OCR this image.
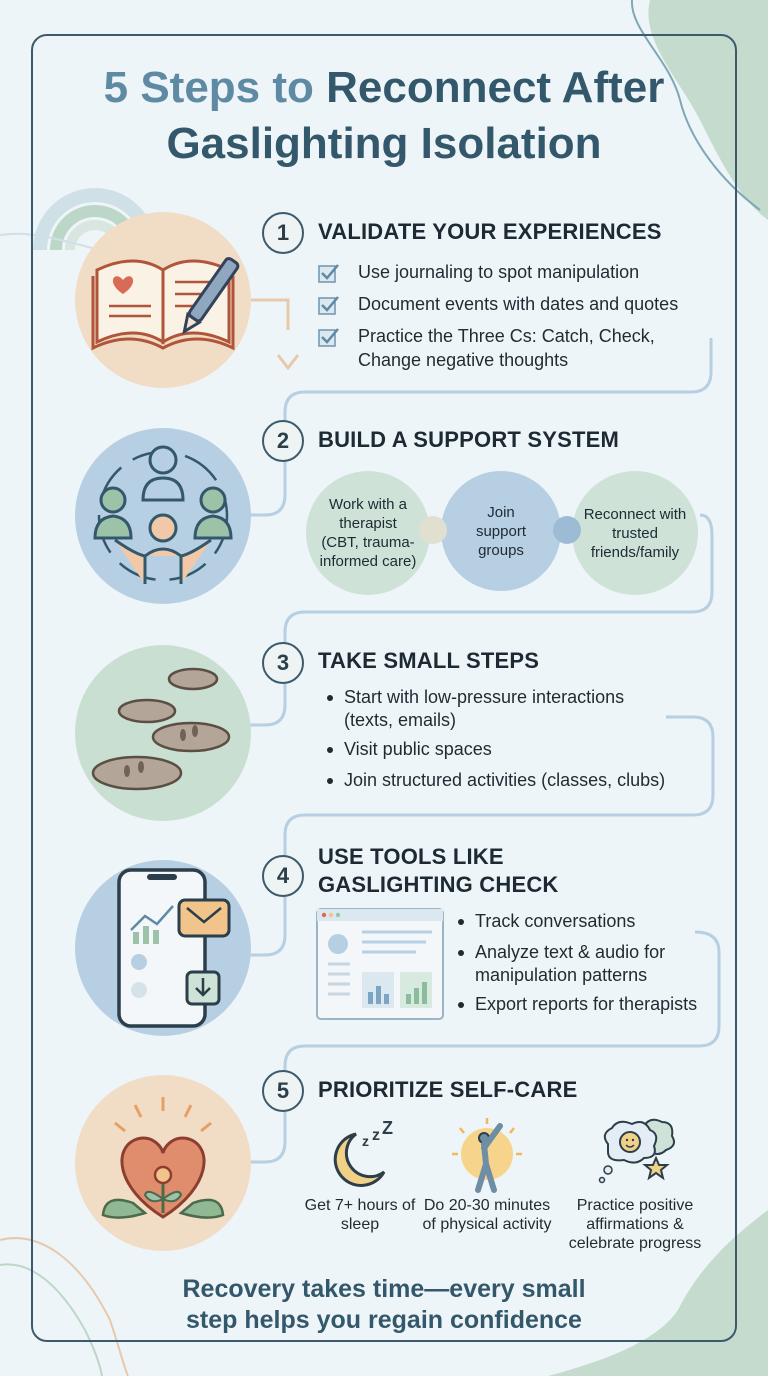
5 Steps to Reconnect After
Gaslighting Isolation
1	VALIDATE YOUR EXPERIENCES
Use journaling to spot manipulation
Document events with dates and quotes
Practice the Three Cs: Catch, Check, Change negative thoughts
2	BUILD A SUPPORT SYSTEM
Work with a therapist (CBT, trauma-informed care)
Join support groups
Reconnect with trusted friends/family
3	TAKE SMALL STEPS
Start with low-pressure interactions (texts, emails)
Visit public spaces
Join structured activities (classes, clubs)
4
USE TOOLS LIKE GASLIGHTING CHECK
Track conversations
Analyze text & audio for manipulation patterns
Export reports for therapists
5	PRIORITIZE SELF-CARE
z z Z
Get 7+ hours of sleep
Do 20-30 minutes of physical activity
Practice positive affirmations & celebrate progress
Recovery takes time—every small step helps you regain confidence
